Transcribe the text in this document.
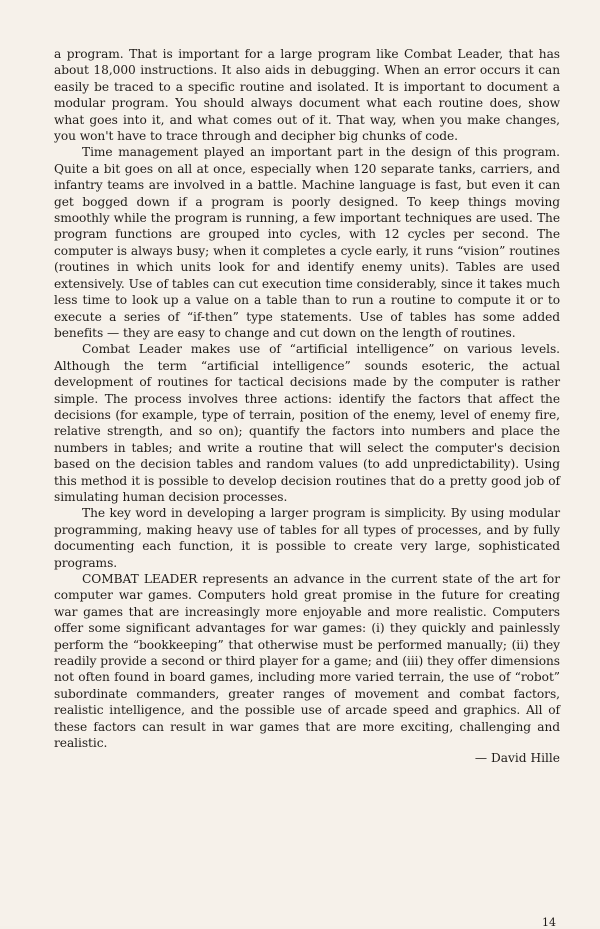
a program. That is important for a large program like Combat Leader, that has about 18,000 instructions. It also aids in debugging. When an error occurs it can easily be traced to a specific routine and isolated. It is important to document a modular program. You should always document what each routine does, show what goes into it, and what comes out of it. That way, when you make changes, you won't have to trace through and decipher big chunks of code.

Time management played an important part in the design of this program. Quite a bit goes on all at once, especially when 120 separate tanks, carriers, and infantry teams are involved in a battle. Machine language is fast, but even it can get bogged down if a program is poorly designed. To keep things moving smoothly while the program is running, a few important techniques are used. The program functions are grouped into cycles, with 12 cycles per second. The computer is always busy; when it completes a cycle early, it runs “vision” routines (routines in which units look for and identify enemy units). Tables are used extensively. Use of tables can cut execution time considerably, since it takes much less time to look up a value on a table than to run a routine to compute it or to execute a series of “if-then” type statements. Use of tables has some added benefits — they are easy to change and cut down on the length of routines.

Combat Leader makes use of “artificial intelligence” on various levels. Although the term “artificial intelligence” sounds esoteric, the actual development of routines for tactical decisions made by the computer is rather simple. The process involves three actions: identify the factors that affect the decisions (for example, type of terrain, position of the enemy, level of enemy fire, relative strength, and so on); quantify the factors into numbers and place the numbers in tables; and write a routine that will select the computer's decision based on the decision tables and random values (to add unpredictability). Using this method it is possible to develop decision routines that do a pretty good job of simulating human decision processes.

The key word in developing a larger program is simplicity. By using modular programming, making heavy use of tables for all types of processes, and by fully documenting each function, it is possible to create very large, sophisticated programs.

COMBAT LEADER represents an advance in the current state of the art for computer war games. Computers hold great promise in the future for creating war games that are increasingly more enjoyable and more realistic. Computers offer some significant advantages for war games: (i) they quickly and painlessly perform the “bookkeeping” that otherwise must be performed manually; (ii) they readily provide a second or third player for a game; and (iii) they offer dimensions not often found in board games, including more varied terrain, the use of “robot” subordinate commanders, greater ranges of movement and combat factors, realistic intelligence, and the possible use of arcade speed and graphics. All of these factors can result in war games that are more exciting, challenging and realistic.

— David Hille
14
